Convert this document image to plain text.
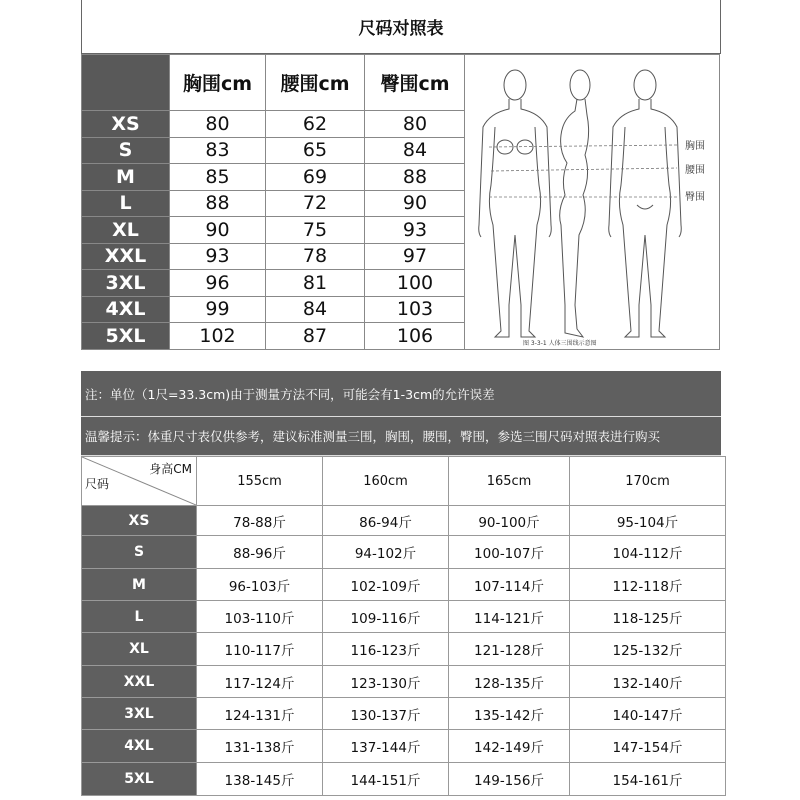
尺码对照表
	胸围cm	腰围cm	臀围cm
XS	80	62	80
S	83	65	84
M	85	69	88
L	88	72	90
XL	90	75	93
XXL	93	78	97
3XL	96	81	100
4XL	99	84	103
5XL	102	87	106
胸围
腰围
臀围
图 3-3-1 人体三围线示意图
注：单位（1尺=33.3cm)由于测量方法不同，可能会有1-3cm的允许误差
温馨提示：体重尺寸表仅供参考，建议标准测量三围，胸围，腰围，臀围，参选三围尺码对照表进行购买
身高CM
尺码	155cm	160cm	165cm	170cm
XS	78-88斤	86-94斤	90-100斤	95-104斤
S	88-96斤	94-102斤	100-107斤	104-112斤
M	96-103斤	102-109斤	107-114斤	112-118斤
L	103-110斤	109-116斤	114-121斤	118-125斤
XL	110-117斤	116-123斤	121-128斤	125-132斤
XXL	117-124斤	123-130斤	128-135斤	132-140斤
3XL	124-131斤	130-137斤	135-142斤	140-147斤
4XL	131-138斤	137-144斤	142-149斤	147-154斤
5XL	138-145斤	144-151斤	149-156斤	154-161斤
